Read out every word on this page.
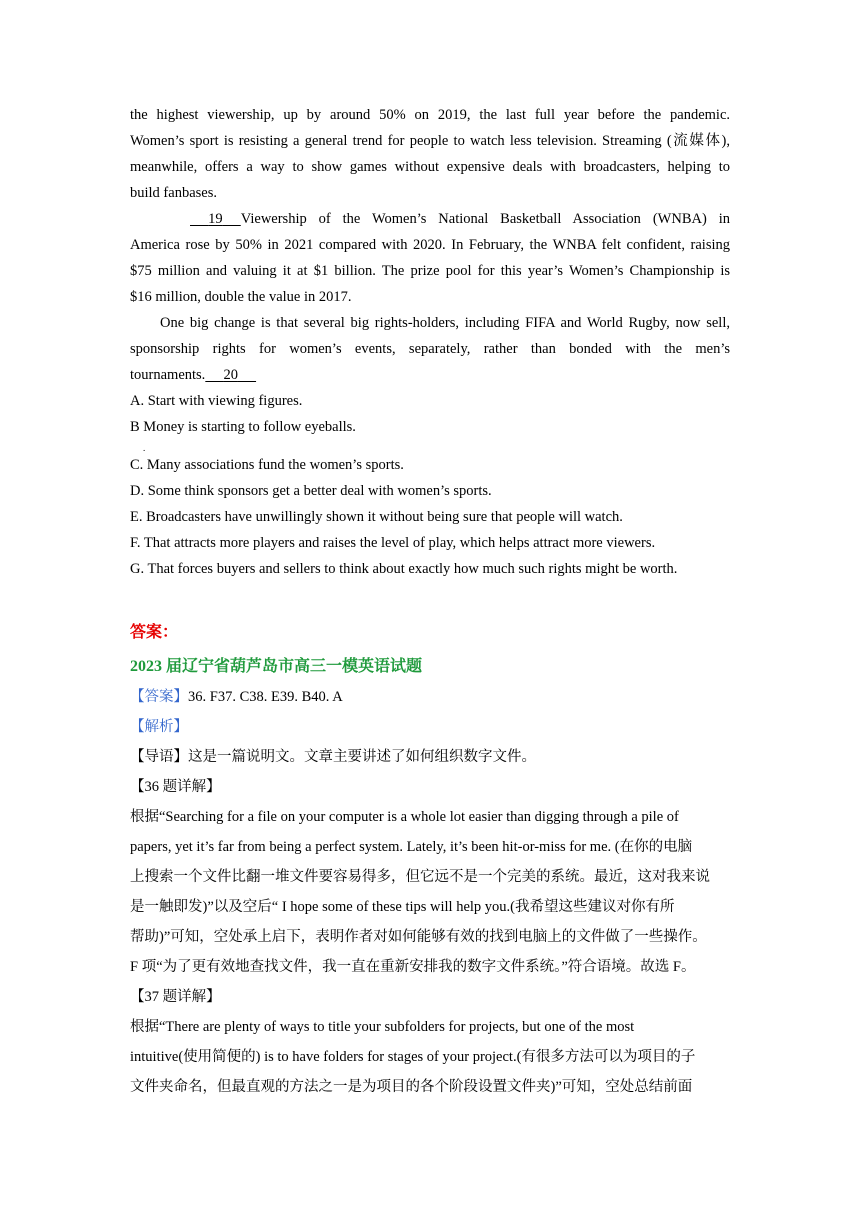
the highest viewership, up by around 50% on 2019, the last full year before the pandemic.

Women’s sport is resisting a general trend for people to watch less television. Streaming (流媒体),

meanwhile, offers a way to show games without expensive deals with broadcasters, helping to

build fanbases.

19 Viewership of the Women’s National Basketball Association (WNBA) in

America rose by 50% in 2021 compared with 2020. In February, the WNBA felt confident, raising

$75 million and valuing it at $1 billion. The prize pool for this year’s Women’s Championship is

$16 million, double the value in 2017.

One big change is that several big rights-holders, including FIFA and World Rugby, now sell,

sponsorship rights for women’s events, separately, rather than bonded with the men’s

tournaments. 20

A. Start with viewing figures.

B Money is starting to follow eyeballs.
.

C. Many associations fund the women’s sports.

D. Some think sponsors get a better deal with women’s sports.

E. Broadcasters have unwillingly shown it without being sure that people will watch.

F. That attracts more players and raises the level of play, which helps attract more viewers.

G. That forces buyers and sellers to think about exactly how much such rights might be worth.

答案：

2023 届辽宁省葫芦岛市高三一模英语试题

【答案】36. F37. C38. E39. B40. A

【解析】

【导语】这是一篇说明文。文章主要讲述了如何组织数字文件。

【36 题详解】

根据“Searching for a file on your computer is a whole lot easier than digging through a pile of

papers, yet it’s far from being a perfect system. Lately, it’s been hit-or-miss for me. (在你的电脑

上搜索一个文件比翻一堆文件要容易得多，但它远不是一个完美的系统。最近，这对我来说

是一触即发)”以及空后“ I hope some of these tips will help you.(我希望这些建议对你有所

帮助)”可知，空处承上启下，表明作者对如何能够有效的找到电脑上的文件做了一些操作。

F 项“为了更有效地查找文件，我一直在重新安排我的数字文件系统。”符合语境。故选 F。

【37 题详解】

根据“There are plenty of ways to title your subfolders for projects, but one of the most

intuitive(使用简便的) is to have folders for stages of your project.(有很多方法可以为项目的子

文件夹命名，但最直观的方法之一是为项目的各个阶段设置文件夹)”可知，空处总结前面
